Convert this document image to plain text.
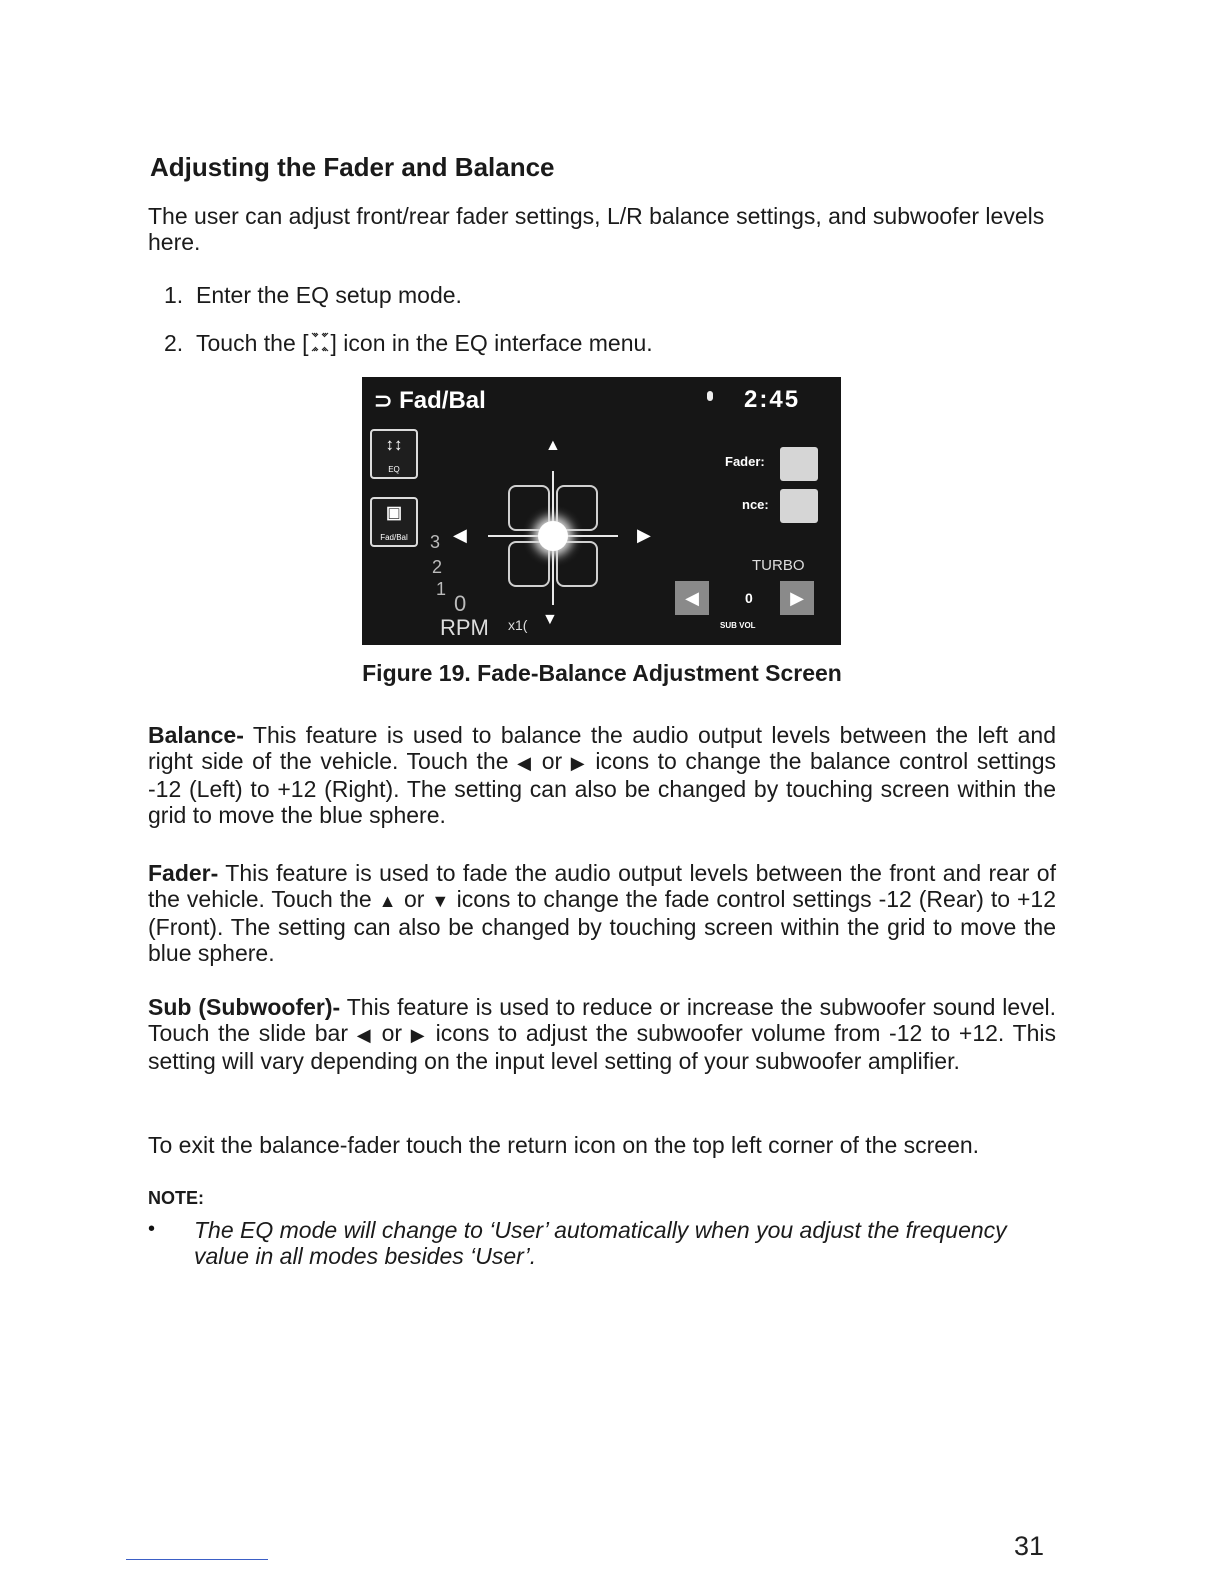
Adjusting the Fader and Balance
The user can adjust front/rear fader settings, L/R balance settings, and subwoofer levels here.
1. Enter the EQ setup mode.
2. Touch the [ ] icon in the EQ interface menu.
⊃ Fad/Bal	2:45
↕↕
EQ
▣
Fad/Bal	3
2
1
0
RPM x1(
▲
◀	▶
▼
Fader:
nce:
TURBO
◀	0	▶
SUB VOL
Figure 19. Fade-Balance Adjustment Screen
Balance- This feature is used to balance the audio output levels between the left and right side of the vehicle. Touch the ◀ or ▶ icons to change the balance control settings -12 (Left) to +12 (Right). The setting can also be changed by touching screen within the grid to move the blue sphere.
Fader- This feature is used to fade the audio output levels between the front and rear of the vehicle. Touch the ▲ or ▼ icons to change the fade control settings -12 (Rear) to +12 (Front). The setting can also be changed by touching screen within the grid to move the blue sphere.
Sub (Subwoofer)- This feature is used to reduce or increase the subwoofer sound level. Touch the slide bar ◀ or ▶ icons to adjust the subwoofer volume from -12 to +12. This setting will vary depending on the input level setting of your subwoofer amplifier.
To exit the balance-fader touch the return icon on the top left corner of the screen.
NOTE:
• The EQ mode will change to ‘User’ automatically when you adjust the frequency value in all modes besides ‘User’.
31
